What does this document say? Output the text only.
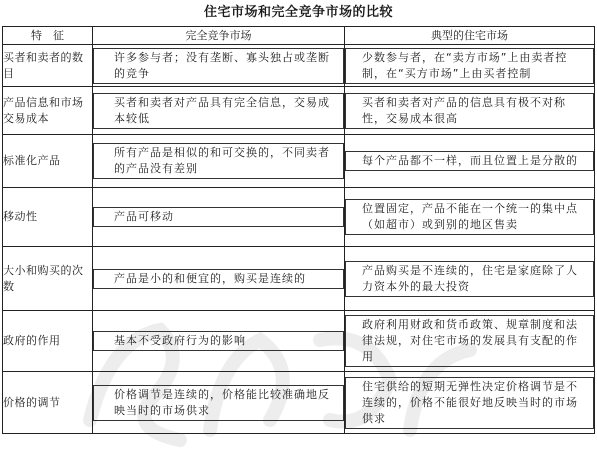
住宅市场和完全竞争市场的比较
特　征	完全竞争市场	典型的住宅市场
买者和卖者的数目	许多参与者；没有垄断、寡头独占或垄断的竞争	少数参与者，在“卖方市场”上由卖者控制，在“买方市场”上由买者控制

产品信息和市场交易成本	买者和卖者对产品具有完全信息，交易成本较低	买者和卖者对产品的信息具有极不对称性，交易成本很高

标准化产品	所有产品是相似的和可交换的，不同卖者的产品没有差别	每个产品都不一样，而且位置上是分散的

移动性	产品可移动	位置固定，产品不能在一个统一的集中点（如超市）或到别的地区售卖

大小和购买的次数	产品是小的和便宜的，购买是连续的	产品购买是不连续的，住宅是家庭除了人力资本外的最大投资

政府的作用	基本不受政府行为的影响	政府利用财政和货币政策、规章制度和法律法规，对住宅市场的发展具有支配的作用

价格的调节	价格调节是连续的，价格能比较准确地反映当时的市场供求	住宅供给的短期无弹性决定价格调节是不连续的，价格不能很好地反映当时的市场供求
